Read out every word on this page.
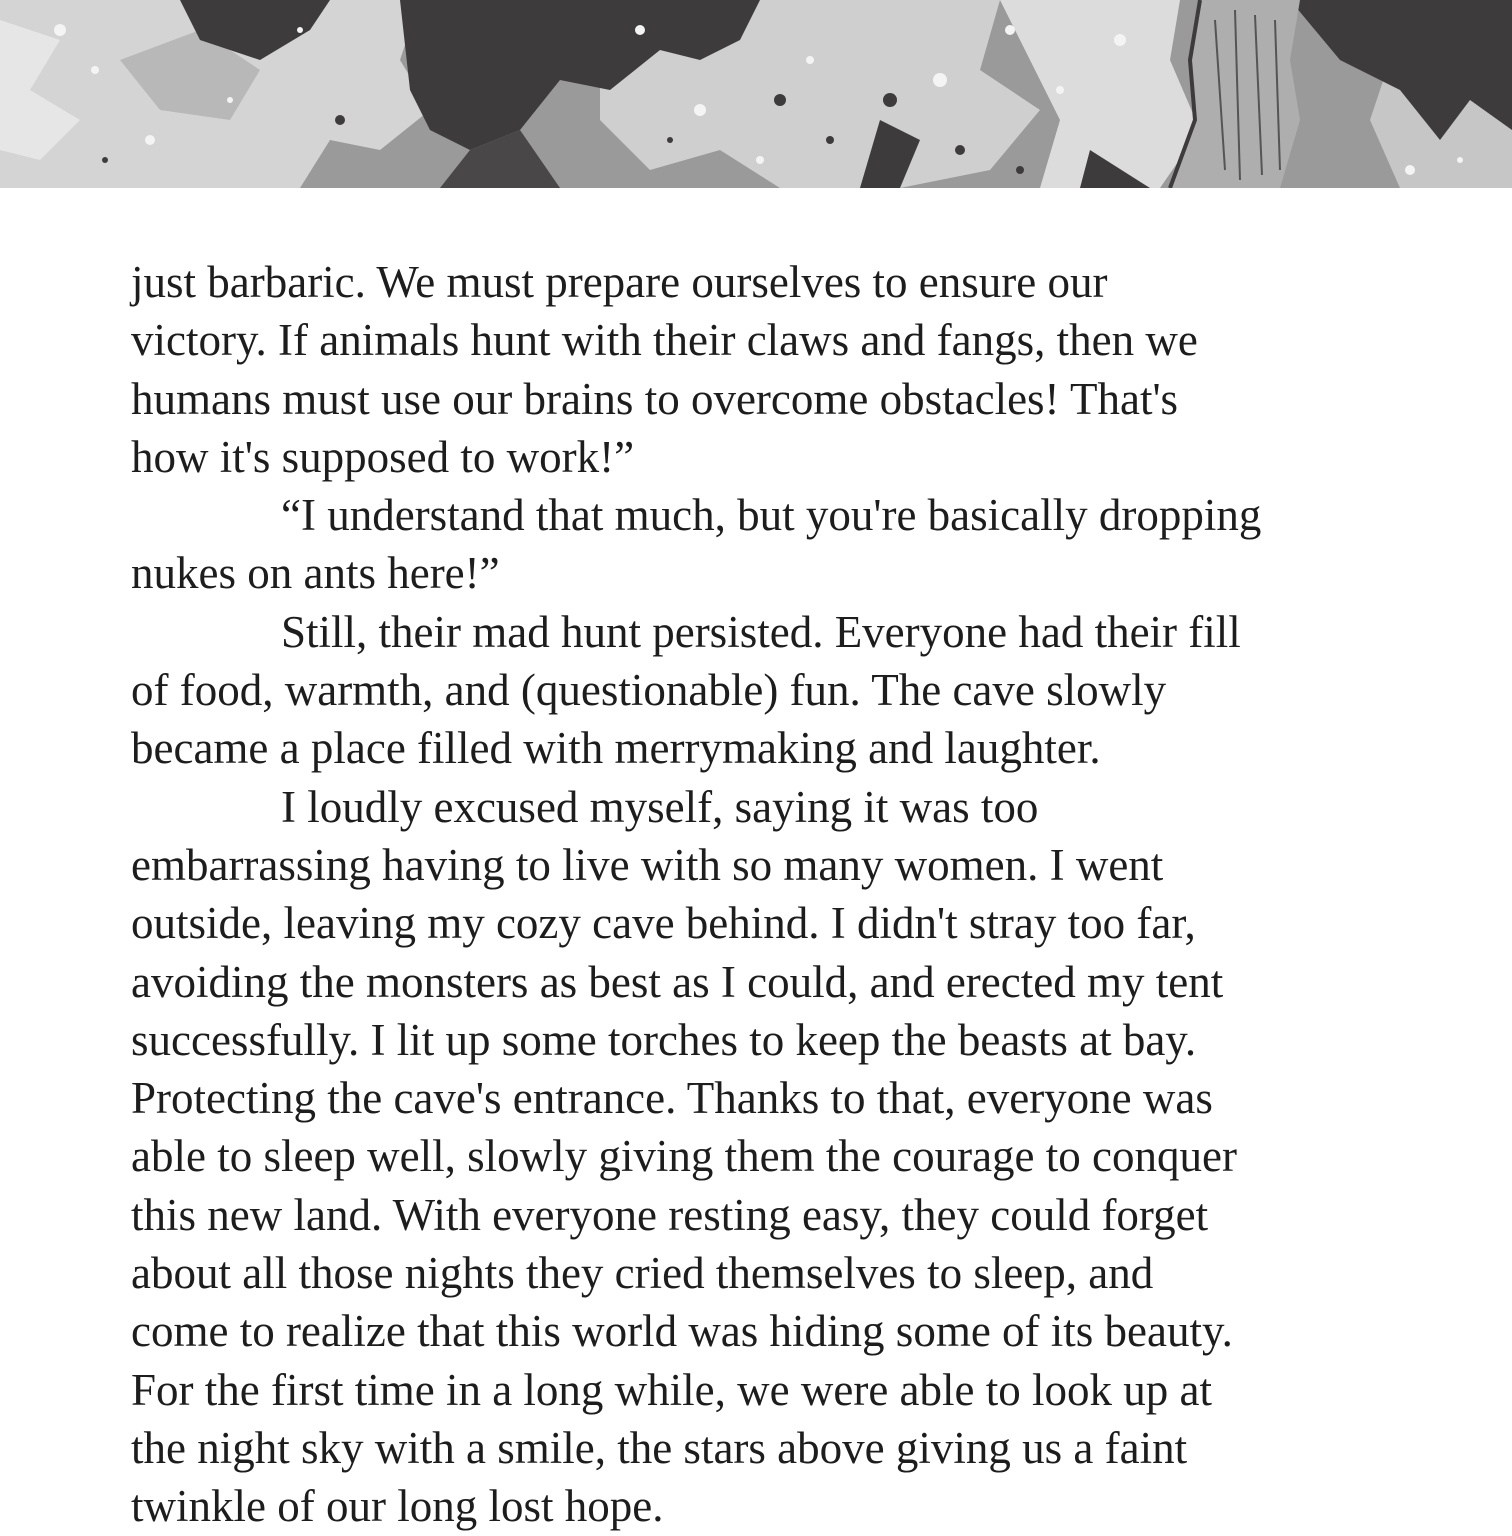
just barbaric. We must prepare ourselves to ensure our
victory. If animals hunt with their claws and fangs, then we
humans must use our brains to overcome obstacles! That's
how it's supposed to work!”
“I understand that much, but you're basically dropping
nukes on ants here!”
Still, their mad hunt persisted. Everyone had their fill
of food, warmth, and (questionable) fun. The cave slowly
became a place filled with merrymaking and laughter.
I loudly excused myself, saying it was too
embarrassing having to live with so many women. I went
outside, leaving my cozy cave behind. I didn't stray too far,
avoiding the monsters as best as I could, and erected my tent
successfully. I lit up some torches to keep the beasts at bay.
Protecting the cave's entrance. Thanks to that, everyone was
able to sleep well, slowly giving them the courage to conquer
this new land. With everyone resting easy, they could forget
about all those nights they cried themselves to sleep, and
come to realize that this world was hiding some of its beauty.
For the first time in a long while, we were able to look up at
the night sky with a smile, the stars above giving us a faint
twinkle of our long lost hope.
